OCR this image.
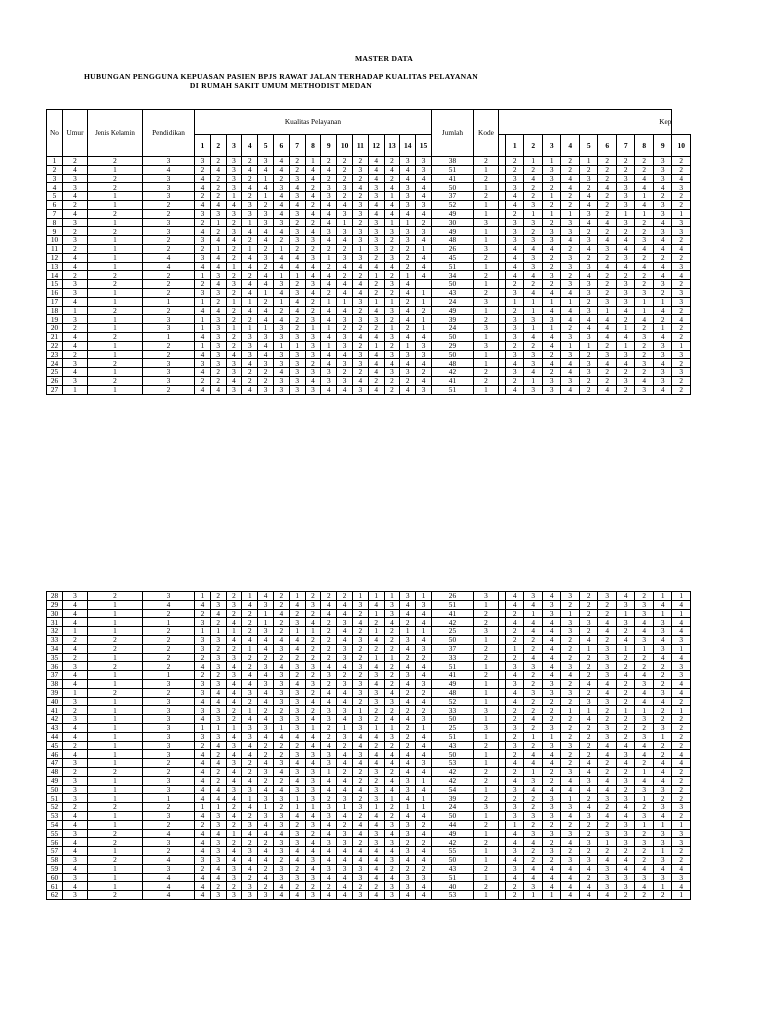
MASTER DATA
HUBUNGAN PENGGUNA KEPUASAN PASIEN BPJS RAWAT JALAN TERHADAP KUALITAS PELAYANAN
DI RUMAH SAKIT UMUM METHODIST MEDAN
No	Umur	Jenis Kelamin	Pendidikan	Kualitas Pelayanan															Jumlah	Kode	Kep										
				1	2	3	4	5	6	7	8	9	10	11	12	13	14	15				1	2	3	4	5	6	7	8	9	10
1	2	2	3	3	2	3	2	3	4	2	1	2	2	2	4	2	3	3	38	2		2	1	1	2	1	2	2	2	3	2
2	4	1	4	2	4	3	4	4	4	2	4	4	2	3	4	4	4	3	51	1		2	2	3	2	2	2	2	2	3	2
3	3	2	3	4	2	3	2	1	2	3	4	2	2	2	4	2	4	4	41	2		3	4	3	4	3	2	3	4	3	4
4	3	2	3	4	2	3	4	4	3	4	2	3	3	4	3	4	3	4	50	1		3	2	2	4	2	4	3	4	4	3
5	4	1	3	2	2	1	2	1	4	3	4	3	2	2	3	1	3	4	37	2		4	2	1	2	4	2	3	1	2	2
6	2	1	2	4	4	4	3	2	4	4	2	4	4	3	4	4	3	3	52	1		4	3	2	2	4	2	3	4	3	2
7	4	2	2	3	3	3	3	3	4	3	4	4	3	3	4	4	4	4	49	1		2	1	1	1	3	2	1	1	3	1
8	3	1	3	2	1	2	1	3	3	2	2	4	1	2	3	1	1	2	30	3		3	3	2	3	4	4	3	2	4	3
9	2	2	3	4	2	3	4	4	4	3	4	3	3	3	3	3	3	3	49	1		3	2	3	3	2	2	2	2	3	3
10	3	1	2	3	4	4	2	4	2	3	3	4	4	3	3	2	3	4	48	1		3	3	3	4	3	4	4	3	4	2
11	2	1	2	2	1	2	1	2	1	2	2	2	2	1	3	2	2	1	26	3		4	4	4	2	4	3	4	4	4	4
12	4	1	4	3	4	2	4	3	4	4	3	1	3	3	2	3	2	4	45	2		4	3	2	3	2	2	3	2	2	2
13	4	1	4	4	4	1	4	2	4	4	4	2	4	4	4	4	2	4	51	1		4	3	2	3	3	4	4	4	4	3
14	2	2	2	1	3	2	2	4	1	1	4	4	2	2	1	2	1	4	34	2		4	4	3	2	4	2	2	2	4	4
15	3	2	2	2	4	3	4	4	3	2	3	4	4	4	2	3	4		50	1		2	2	2	3	3	2	3	2	3	2
16	3	1	2	3	3	2	4	1	4	3	4	2	4	4	2	2	4	1	43	2		3	4	4	4	3	2	3	3	2	3
17	4	1	1	1	2	1	1	2	1	4	2	1	1	3	1	1	2	1	24	3		1	1	1	1	2	3	3	1	1	3
18	1	2	2	4	4	2	4	4	2	4	2	4	4	2	4	3	4	2	49	1		2	1	4	4	3	1	4	1	4	2
19	3	1	3	1	3	2	2	4	4	2	3	4	3	3	3	2	4	1	39	2		3	3	3	4	4	4	2	4	2	4
20	2	1	3	1	3	1	1	1	3	2	1	1	2	2	2	1	2	1	24	3		3	1	1	2	4	4	1	2	1	2
21	4	2	1	4	3	2	3	3	3	3	3	4	3	4	4	3	4	4	50	1		3	4	4	3	3	4	4	3	4	2
22	4	1	2	1	3	2	3	4	1	1	3	1	3	2	1	2	1	3	29	3		2	2	4	1	1	2	1	2	3	1
23	2	1	2	4	3	4	3	4	3	3	3	4	4	3	4	3	3	3	50	1		3	3	2	3	2	3	3	2	3	3
24	3	2	3	3	3	3	4	3	3	3	2	4	3	3	4	4	4	4	48	1		4	3	4	4	3	4	4	3	4	2
25	4	1	3	4	2	3	2	2	4	3	3	3	2	2	4	3	3	2	42	2		3	4	2	4	3	2	2	2	3	3
26	3	2	3	2	2	4	2	2	3	3	4	3	3	4	2	2	2	4	41	2		2	1	3	3	2	2	3	4	3	2
27	1	1	2	4	4	3	4	3	3	3	3	4	4	3	4	2	4	3	51	1		4	3	3	4	2	4	2	3	4	2
28	3	2	3	1	2	2	1	4	2	1	2	2	2	1	1	1	3	1	26	3		4	3	4	3	2	3	4	2	1	1
29	4	1	4	4	3	3	4	3	2	4	3	4	4	3	4	3	4	3	51	1		4	4	3	2	2	2	3	3	4	4
30	4	1	2	2	4	2	2	1	4	2	2	4	4	2	1	3	4	4	41	2		2	1	3	1	2	2	1	3	1	1
31	4	1	1	3	2	4	2	1	2	3	4	2	3	4	2	4	2	4	42	2		4	4	4	3	3	4	3	4	3	4
32	1	1	2	1	1	1	2	3	2	1	1	2	4	2	1	2	1	1	25	3		2	4	4	3	2	4	2	4	3	4
33	2	2	2	3	3	4	4	4	4	4	2	2	4	3	4	2	3	4	50	1		2	2	4	2	4	2	4	3	4	3
34	4	2	2	3	2	2	1	4	3	4	2	2	3	2	2	2	4	3	37	2		1	2	4	2	1	3	1	1	3	1
35	2	1	2	2	3	3	2	2	2	2	2	2	3	2	1	1	2	2	33	2		2	4	4	2	2	3	2	2	4	4
36	3	2	2	4	3	4	2	3	4	3	3	4	4	3	4	2	4	4	51	1		3	3	4	3	2	3	2	2	2	3
37	4	1	1	2	2	3	4	4	3	2	2	3	2	2	3	2	3	4	41	2		4	2	4	4	2	3	4	4	2	3
38	4	1	3	3	3	4	4	3	3	4	3	2	3	3	4	2	4	3	49	1		3	2	3	2	4	4	2	3	2	4
39	1	2	2	3	4	4	3	4	3	3	2	4	4	3	3	4	2	2	48	1		4	3	3	3	2	4	2	4	3	4
40	3	1	3	4	4	4	2	4	3	3	4	4	4	2	3	3	4	4	52	1		4	2	2	2	3	3	2	4	4	2
41	2	1	3	3	3	2	1	2	2	3	2	3	3	1	2	2	2	2	33	3		2	2	2	1	1	2	1	1	2	1
42	3	1	3	4	3	2	4	4	3	3	4	3	4	3	2	4	4	3	50	1		2	4	2	2	4	2	2	3	2	2
43	4	1	3	1	1	1	3	3	1	3	1	2	1	3	1	1	2	1	25	3		3	2	3	2	2	3	2	2	3	2
44	4	1	3	3	3	4	3	4	4	4	4	2	3	4	4	3	2	4	51	1		2	1	1	2	2	3	2	3	1	2
45	2	1	3	2	4	3	4	2	2	2	4	4	2	4	2	2	2	4	43	2		3	2	3	3	2	4	4	4	2	2
46	4	1	3	4	2	4	4	2	2	3	3	3	4	3	4	4	4	4	50	1		2	4	4	2	2	4	3	4	2	4
47	3	1	2	4	4	3	2	4	3	4	4	3	4	4	4	4	4	3	53	1		4	4	4	2	4	2	4	2	4	4
48	2	2	2	4	2	4	2	3	4	3	3	1	2	2	3	2	4	4	42	2		2	1	2	3	4	2	2	1	4	2
49	3	1	3	4	2	4	4	2	2	4	3	4	4	2	2	4	3	1	42	2		4	3	2	4	3	4	3	4	4	2
50	3	1	3	4	4	3	3	4	4	3	3	4	4	4	3	4	3	4	54	1		3	4	4	4	4	4	2	3	3	2
51	3	1	1	4	4	4	1	3	3	1	3	2	3	2	3	1	4	1	39	2		2	2	3	1	2	3	3	1	2	2
52	2	2	2	1	1	2	4	1	2	1	1	3	1	3	1	2	1	1	24	3		3	2	3	3	4	2	4	2	3	3
53	4	1	3	4	3	4	2	3	3	4	4	3	4	2	4	2	4	4	50	1		3	3	3	4	3	4	4	3	4	2
54	4	1	2	2	3	2	3	4	3	2	3	4	2	4	4	3	3	2	44	2		1	2	2	2	2	2	3	1	1	1
55	3	2	4	4	4	1	4	4	4	3	2	4	3	4	3	4	3	4	49	1		4	3	3	3	2	3	3	2	3	3
56	4	2	3	4	3	2	2	2	3	3	4	3	3	2	3	3	2	2	42	2		4	4	2	4	3	1	3	3	3	3
57	4	1	2	4	3	4	3	4	3	4	4	4	4	4	4	4	3	4	55	1		3	2	3	2	2	2	2	2	1	2
58	3	2	4	3	3	4	4	4	2	4	3	4	4	4	4	3	4	4	50	1		4	2	2	3	3	4	4	2	3	2
59	4	1	3	2	4	3	4	2	3	2	4	3	3	3	4	2	2	2	43	2		3	4	4	4	4	3	4	4	4	4
60	3	1	4	4	4	3	2	4	3	3	3	4	4	3	4	4	3	3	51	1		4	4	4	4	2	3	3	3	3	3
61	4	1	4	4	2	2	3	2	4	2	2	2	4	2	2	3	3	4	40	2		2	3	4	4	4	3	3	4	1	4
62	3	2	4	4	3	3	3	3	4	4	3	4	4	3	4	3	4	4	53	1		2	1	1	4	4	4	2	2	2	1
